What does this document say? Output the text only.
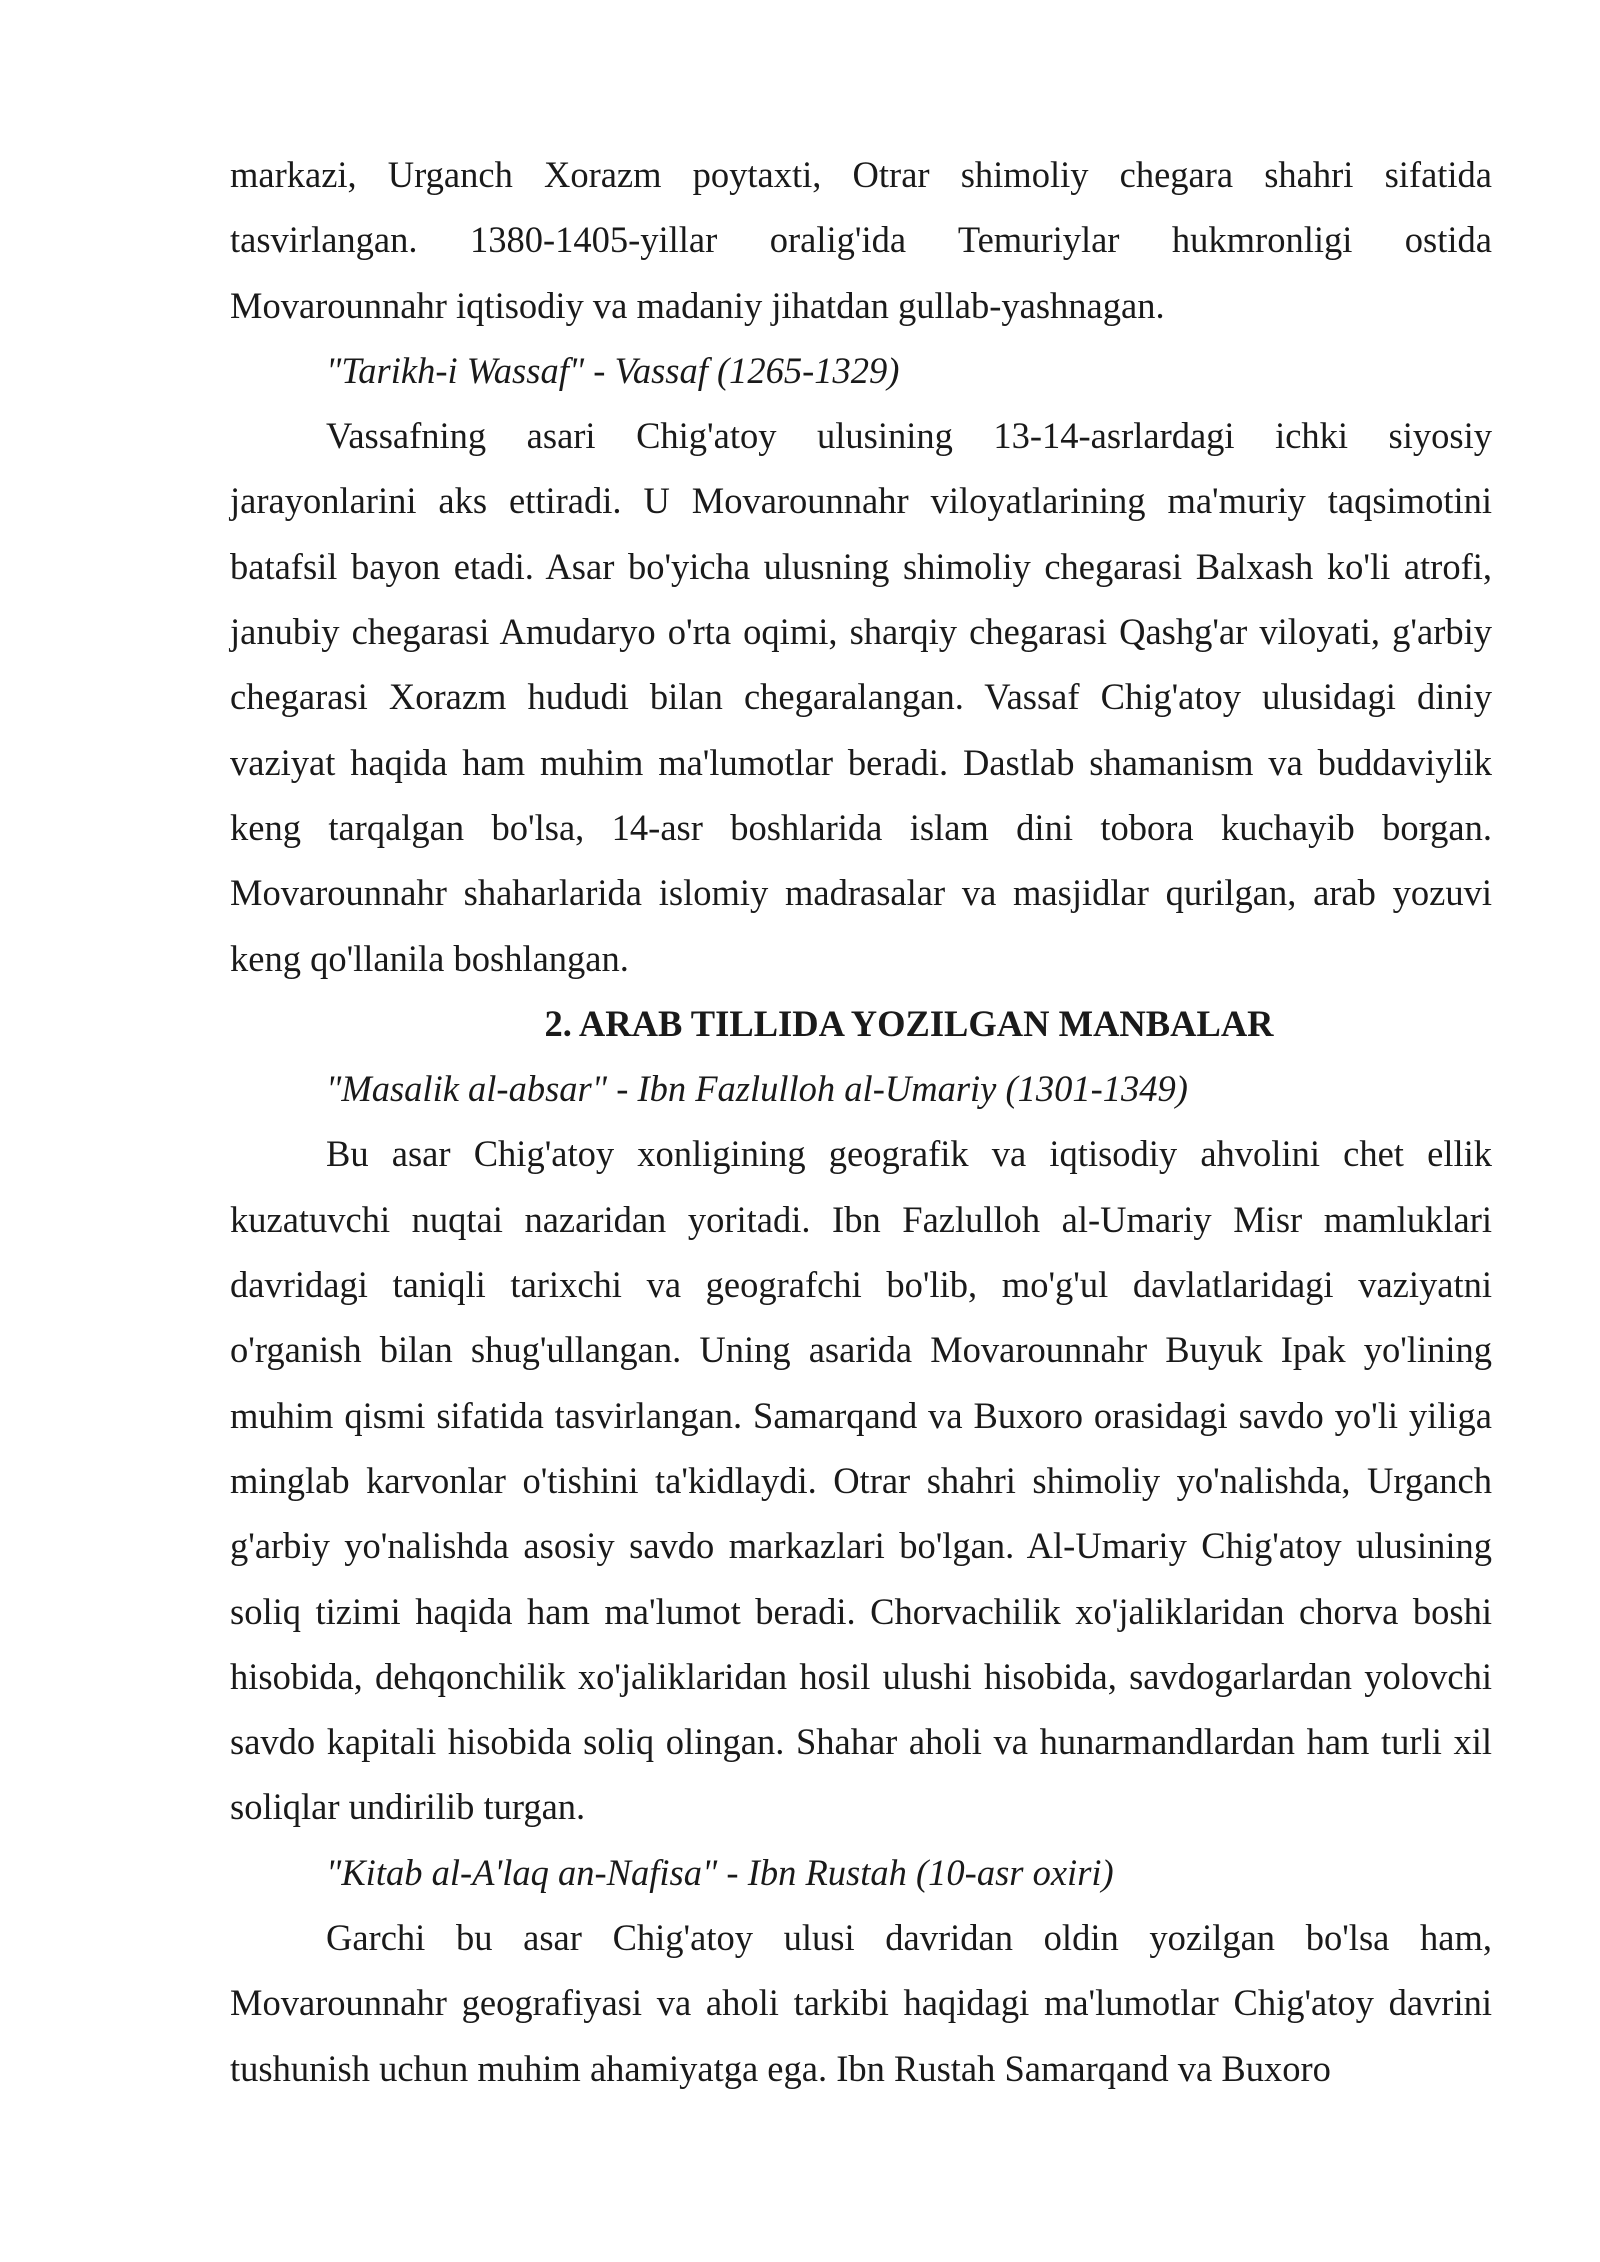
markazi, Urganch Xorazm poytaxti, Otrar shimoliy chegara shahri sifatida tasvirlangan. 1380-1405-yillar oralig'ida Temuriylar hukmronligi ostida Movarounnahr iqtisodiy va madaniy jihatdan gullab-yashnagan.

"Tarikh-i Wassaf" - Vassaf (1265-1329)

Vassafning asari Chig'atoy ulusining 13-14-asrlardagi ichki siyosiy jarayonlarini aks ettiradi. U Movarounnahr viloyatlarining ma'muriy taqsimotini batafsil bayon etadi. Asar bo'yicha ulusning shimoliy chegarasi Balxash ko'li atrofi, janubiy chegarasi Amudaryo o'rta oqimi, sharqiy chegarasi Qashg'ar viloyati, g'arbiy chegarasi Xorazm hududi bilan chegaralangan. Vassaf Chig'atoy ulusidagi diniy vaziyat haqida ham muhim ma'lumotlar beradi. Dastlab shamanism va buddaviylik keng tarqalgan bo'lsa, 14-asr boshlarida islam dini tobora kuchayib borgan. Movarounnahr shaharlarida islomiy madrasalar va masjidlar qurilgan, arab yozuvi keng qo'llanila boshlangan.

2. ARAB TILLIDA YOZILGAN MANBALAR

"Masalik al-absar" - Ibn Fazlulloh al-Umariy (1301-1349)

Bu asar Chig'atoy xonligining geografik va iqtisodiy ahvolini chet ellik kuzatuvchi nuqtai nazaridan yoritadi. Ibn Fazlulloh al-Umariy Misr mamluklari davridagi taniqli tarixchi va geografchi bo'lib, mo'g'ul davlatlaridagi vaziyatni o'rganish bilan shug'ullangan. Uning asarida Movarounnahr Buyuk Ipak yo'lining muhim qismi sifatida tasvirlangan. Samarqand va Buxoro orasidagi savdo yo'li yiliga minglab karvonlar o'tishini ta'kidlaydi. Otrar shahri shimoliy yo'nalishda, Urganch g'arbiy yo'nalishda asosiy savdo markazlari bo'lgan. Al-Umariy Chig'atoy ulusining soliq tizimi haqida ham ma'lumot beradi. Chorvachilik xo'jaliklaridan chorva boshi hisobida, dehqonchilik xo'jaliklaridan hosil ulushi hisobida, savdogarlardan yolovchi savdo kapitali hisobida soliq olingan. Shahar aholi va hunarmandlardan ham turli xil soliqlar undirilib turgan.

"Kitab al-A'laq an-Nafisa" - Ibn Rustah (10-asr oxiri)

Garchi bu asar Chig'atoy ulusi davridan oldin yozilgan bo'lsa ham, Movarounnahr geografiyasi va aholi tarkibi haqidagi ma'lumotlar Chig'atoy davrini tushunish uchun muhim ahamiyatga ega. Ibn Rustah Samarqand va Buxoro
